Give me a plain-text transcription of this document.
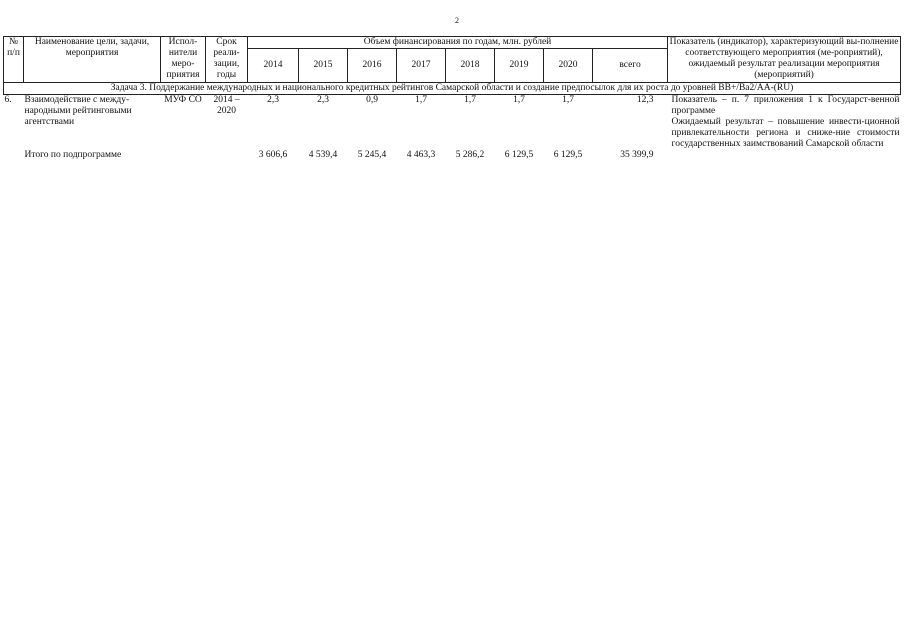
2
№ п/п	Наименование цели, задачи, мероприятия	Испол-нители меро-приятия	Срок реали-зации, годы	Объем финансирования по годам, млн. рублей								Показатель (индикатор), характеризующий вы-полнение соответствующего мероприятия (ме-роприятий), ожидаемый результат реализации мероприятия (мероприятий)
				2014	2015	2016	2017	2018	2019	2020	всего	
Задача 3. Поддержание международных и национального кредитных рейтингов Самарской области и создание предпосылок для их роста до уровней BB+/Ba2/AA-(RU)												
6.	Взаимодействие с между-народными рейтинговыми агентствами	МУФ СО	2014 – 2020	2,3	2,3	0,9	1,7	1,7	1,7	1,7	12,3	Показатель – п. 7 приложения 1 к Государст-венной программе
Ожидаемый результат – повышение инвести-ционной привлекательности региона и сниже-ние стоимости государственных заимствований Самарской области

	Итого по подпрограмме			3 606,6	4 539,4	5 245,4	4 463,3	5 286,2	6 129,5	6 129,5	35 399,9	
